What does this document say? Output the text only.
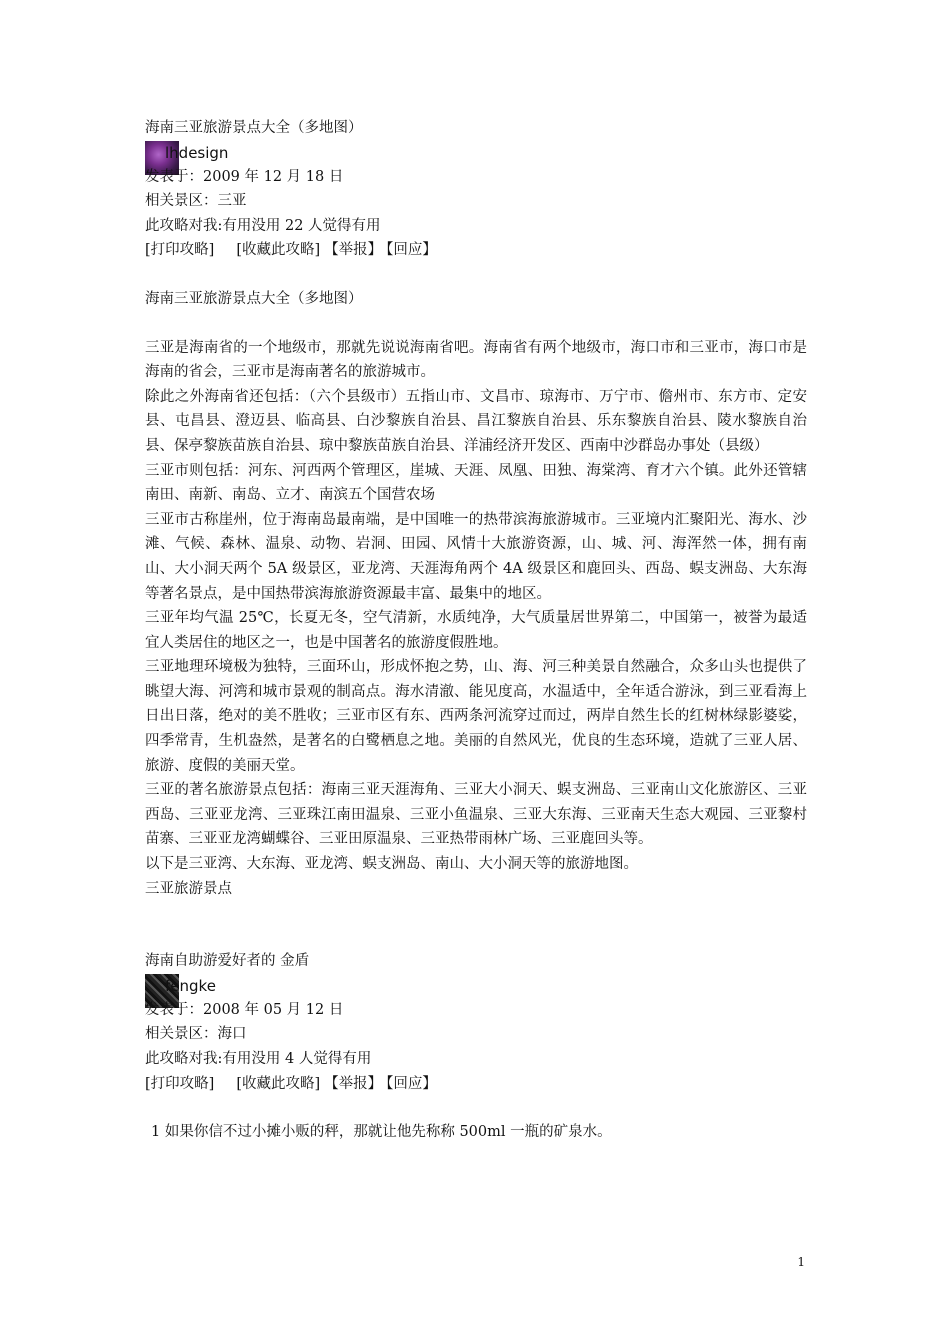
海南三亚旅游景点大全（多地图）
lhdesign
发表于：2009 年 12 月 18 日
相关景区：三亚
此攻略对我:有用没用 22 人觉得有用
[打印攻略] [收藏此攻略] 【举报】 【回应】
海南三亚旅游景点大全（多地图）
三亚是海南省的一个地级市，那就先说说海南省吧。海南省有两个地级市，海口市和三亚市，海口市是海南的省会，三亚市是海南著名的旅游城市。
除此之外海南省还包括：（六个县级市）五指山市、文昌市、琼海市、万宁市、儋州市、东方市、定安县、屯昌县、澄迈县、临高县、白沙黎族自治县、昌江黎族自治县、乐东黎族自治县、陵水黎族自治县、保亭黎族苗族自治县、琼中黎族苗族自治县、洋浦经济开发区、西南中沙群岛办事处（县级）
三亚市则包括：河东、河西两个管理区，崖城、天涯、凤凰、田独、海棠湾、育才六个镇。此外还管辖南田、南新、南岛、立才、南滨五个国营农场
三亚市古称崖州，位于海南岛最南端，是中国唯一的热带滨海旅游城市。三亚境内汇聚阳光、海水、沙滩、气候、森林、温泉、动物、岩洞、田园、风情十大旅游资源，山、城、河、海浑然一体，拥有南山、大小洞天两个 5A 级景区，亚龙湾、天涯海角两个 4A 级景区和鹿回头、西岛、蜈支洲岛、大东海等著名景点，是中国热带滨海旅游资源最丰富、最集中的地区。
三亚年均气温 25℃，长夏无冬，空气清新，水质纯净，大气质量居世界第二，中国第一，被誉为最适宜人类居住的地区之一，也是中国著名的旅游度假胜地。
三亚地理环境极为独特，三面环山，形成怀抱之势，山、海、河三种美景自然融合，众多山头也提供了眺望大海、河湾和城市景观的制高点。海水清澈、能见度高，水温适中，全年适合游泳，到三亚看海上日出日落，绝对的美不胜收；三亚市区有东、西两条河流穿过而过，两岸自然生长的红树林绿影婆娑，四季常青，生机盎然，是著名的白鹭栖息之地。美丽的自然风光，优良的生态环境，造就了三亚人居、旅游、度假的美丽天堂。
三亚的著名旅游景点包括：海南三亚天涯海角、三亚大小洞天、蜈支洲岛、三亚南山文化旅游区、三亚西岛、三亚亚龙湾、三亚珠江南田温泉、三亚小鱼温泉、三亚大东海、三亚南天生态大观园、三亚黎村苗寨、三亚亚龙湾蝴蝶谷、三亚田原温泉、三亚热带雨林广场、三亚鹿回头等。
以下是三亚湾、大东海、亚龙湾、蜈支洲岛、南山、大小洞天等的旅游地图。
三亚旅游景点
海南自助游爱好者的 金盾
fengke
发表于：2008 年 05 月 12 日
相关景区：海口
此攻略对我:有用没用 4 人觉得有用
[打印攻略] [收藏此攻略] 【举报】 【回应】
1 如果你信不过小摊小贩的秤，那就让他先称称 500ml 一瓶的矿泉水。
1
